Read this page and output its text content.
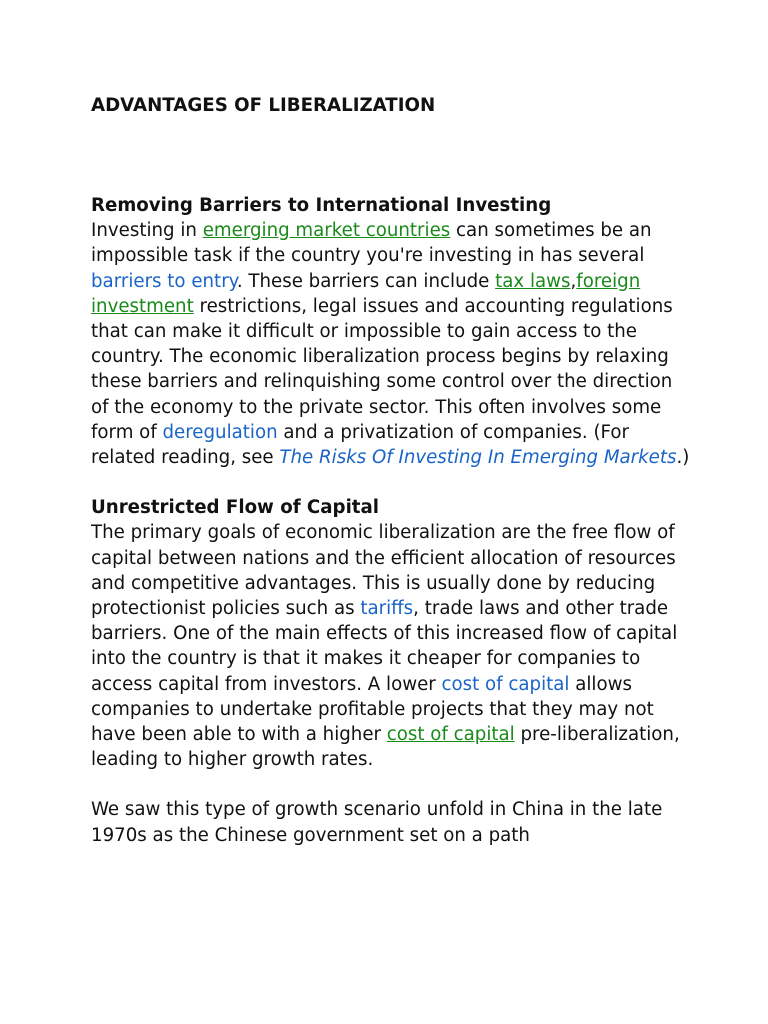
ADVANTAGES OF LIBERALIZATION
Removing Barriers to International Investing

Investing in emerging market countries can sometimes be an impossible task if the country you're investing in has several barriers to entry. These barriers can include tax laws,foreign investment restrictions, legal issues and accounting regulations that can make it difficult or impossible to gain access to the country. The economic liberalization process begins by relaxing these barriers and relinquishing some control over the direction of the economy to the private sector. This often involves some form of deregulation and a privatization of companies. (For related reading, see The Risks Of Investing In Emerging Markets.)

Unrestricted Flow of Capital

The primary goals of economic liberalization are the free flow of capital between nations and the efficient allocation of resources and competitive advantages. This is usually done by reducing protectionist policies such as tariffs, trade laws and other trade barriers. One of the main effects of this increased flow of capital into the country is that it makes it cheaper for companies to access capital from investors. A lower cost of capital allows companies to undertake profitable projects that they may not have been able to with a higher cost of capital pre-liberalization, leading to higher growth rates.

We saw this type of growth scenario unfold in China in the late 1970s as the Chinese government set on a path
